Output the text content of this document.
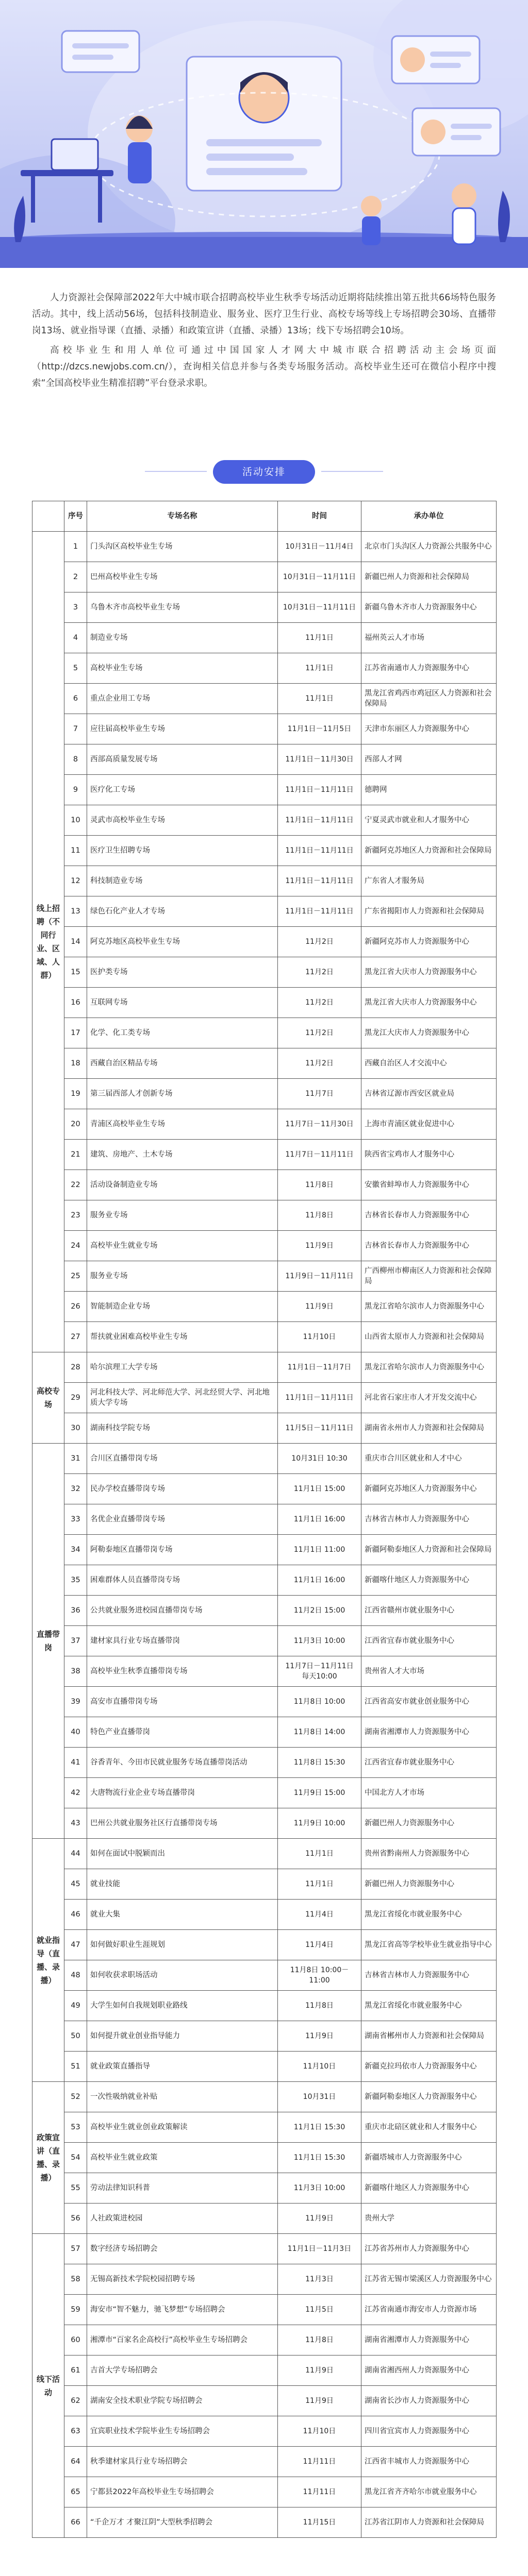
人力资源社会保障部2022年大中城市联合招聘高校毕业生秋季专场活动近期将陆续推出第五批共66场特色服务活动。其中，线上活动56场，包括科技制造业、服务业、医疗卫生行业、高校专场等线上专场招聘会30场、直播带岗13场、就业指导课（直播、录播）和政策宣讲（直播、录播）13场；线下专场招聘会10场。

高校毕业生和用人单位可通过中国国家人才网大中城市联合招聘活动主会场页面（http://dzcs.newjobs.com.cn/），查询相关信息并参与各类专场服务活动。高校毕业生还可在微信小程序中搜索“全国高校毕业生精准招聘”平台登录求职。

活动安排
	序号	专场名称	时间	承办单位
线上招聘（不同行业、区域、人群）	1	门头沟区高校毕业生专场	10月31日－11月4日	北京市门头沟区人力资源公共服务中心
	2	巴州高校毕业生专场	10月31日－11月11日	新疆巴州人力资源和社会保障局
	3	乌鲁木齐市高校毕业生专场	10月31日－11月11日	新疆乌鲁木齐市人力资源服务中心
	4	制造业专场	11月1日	福州英云人才市场
	5	高校毕业生专场	11月1日	江苏省南通市人力资源服务中心
	6	重点企业用工专场	11月1日	黑龙江省鸡西市鸡冠区人力资源和社会保障局
	7	应往届高校毕业生专场	11月1日－11月5日	天津市东丽区人力资源服务中心
	8	西部高质量发展专场	11月1日－11月30日	西部人才网
	9	医疗化工专场	11月1日－11月11日	德聘网
	10	灵武市高校毕业生专场	11月1日－11月11日	宁夏灵武市就业和人才服务中心
	11	医疗卫生招聘专场	11月1日－11月11日	新疆阿克苏地区人力资源和社会保障局
	12	科技制造业专场	11月1日－11月11日	广东省人才服务局
	13	绿色石化产业人才专场	11月1日－11月11日	广东省揭阳市人力资源和社会保障局
	14	阿克苏地区高校毕业生专场	11月2日	新疆阿克苏市人力资源服务中心
	15	医护类专场	11月2日	黑龙江省大庆市人力资源服务中心
	16	互联网专场	11月2日	黑龙江省大庆市人力资源服务中心
	17	化学、化工类专场	11月2日	黑龙江大庆市人力资源服务中心
	18	西藏自治区精品专场	11月2日	西藏自治区人才交流中心
	19	第三届西部人才创新专场	11月7日	吉林省辽源市西安区就业局
	20	青浦区高校毕业生专场	11月7日－11月30日	上海市青浦区就业促进中心
	21	建筑、房地产、土木专场	11月7日－11月11日	陕西省宝鸡市人才服务中心
	22	活动设备制造业专场	11月8日	安徽省蚌埠市人力资源服务中心
	23	服务业专场	11月8日	吉林省长春市人力资源服务中心
	24	高校毕业生就业专场	11月9日	吉林省长春市人力资源服务中心
	25	服务业专场	11月9日－11月11日	广西柳州市柳南区人力资源和社会保障局
	26	智能制造企业专场	11月9日	黑龙江省哈尔滨市人力资源服务中心
	27	帮扶就业困难高校毕业生专场	11月10日	山西省太原市人力资源和社会保障局
高校专场	28	哈尔滨理工大学专场	11月1日－11月7日	黑龙江省哈尔滨市人力资源服务中心
	29	河北科技大学、河北师范大学、河北经贸大学、河北地质大学专场	11月1日－11月11日	河北省石家庄市人才开发交流中心
	30	湖南科技学院专场	11月5日－11月11日	湖南省永州市人力资源和社会保障局
直播带岗	31	合川区直播带岗专场	10月31日 10:30	重庆市合川区就业和人才中心
	32	民办学校直播带岗专场	11月1日 15:00	新疆阿克苏地区人力资源服务中心
	33	名优企业直播带岗专场	11月1日 16:00	吉林省吉林市人力资源服务中心
	34	阿勒泰地区直播带岗专场	11月1日 11:00	新疆阿勒泰地区人力资源和社会保障局
	35	困难群体人员直播带岗专场	11月1日 16:00	新疆喀什地区人力资源服务中心
	36	公共就业服务进校园直播带岗专场	11月2日 15:00	江西省赣州市就业服务中心
	37	建材家具行业专场直播带岗	11月3日 10:00	江西省宜春市就业服务中心
	38	高校毕业生秋季直播带岗专场	11月7日－11月11日 每天10:00	贵州省人才大市场
	39	高安市直播带岗专场	11月8日 10:00	江西省高安市就业创业服务中心
	40	特色产业直播带岗	11月8日 14:00	湖南省湘潭市人力资源服务中心
	41	谷香青年、今田市民就业服务专场直播带岗活动	11月8日 15:30	江西省宜春市就业服务中心
	42	大唐物流行业企业专场直播带岗	11月9日 15:00	中国北方人才市场
	43	巴州公共就业服务社区行直播带岗专场	11月9日 10:00	新疆巴州人力资源服务中心
就业指导（直播、录播）	44	如何在面试中脱颖而出	11月1日	贵州省黔南州人力资源服务中心
	45	就业技能	11月1日	新疆巴州人力资源服务中心
	46	就业大集	11月4日	黑龙江省绥化市就业服务中心
	47	如何做好职业生涯规划	11月4日	黑龙江省高等学校毕业生就业指导中心
	48	如何收获求职场活动	11月8日 10:00－11:00	吉林省吉林市人力资源服务中心
	49	大学生如何自我规划职业路线	11月8日	黑龙江省绥化市就业服务中心
	50	如何提升就业创业指导能力	11月9日	湖南省郴州市人力资源和社会保障局
	51	就业政策直播指导	11月10日	新疆克拉玛依市人力资源服务中心
政策宣讲（直播、录播）	52	一次性吸纳就业补贴	10月31日	新疆阿勒泰地区人力资源服务中心
	53	高校毕业生就业创业政策解读	11月1日 15:30	重庆市北碚区就业和人才服务中心
	54	高校毕业生就业政策	11月1日 15:30	新疆塔城市人力资源服务中心
	55	劳动法律知识科普	11月3日 10:00	新疆喀什地区人力资源服务中心
	56	人社政策进校园	11月9日	贵州大学
线下活动	57	数字经济专场招聘会	11月1日－11月3日	江苏省苏州市人力资源服务中心
	58	无锡高新技术学院校园招聘专场	11月3日	江苏省无锡市梁溪区人力资源服务中心
	59	海安市“智不魅力，驰飞梦想”专场招聘会	11月5日	江苏省南通市海安市人力资源市场
	60	湘潭市“百家名企高校行”高校毕业生专场招聘会	11月8日	湖南省湘潭市人力资源服务中心
	61	吉首大学专场招聘会	11月9日	湖南省湘西州人力资源服务中心
	62	湖南安全技术职业学院专场招聘会	11月9日	湖南省长沙市人力资源服务中心
	63	宜宾职业技术学院毕业生专场招聘会	11月10日	四川省宜宾市人力资源服务中心
	64	秋季建材家具行业专场招聘会	11月11日	江西省丰城市人力资源服务中心
	65	宁都县2022年高校毕业生专场招聘会	11月11日	黑龙江省齐齐哈尔市就业服务中心
	66	“千企万才 才聚江阴”大型秋季招聘会	11月15日	江苏省江阴市人力资源和社会保障局
